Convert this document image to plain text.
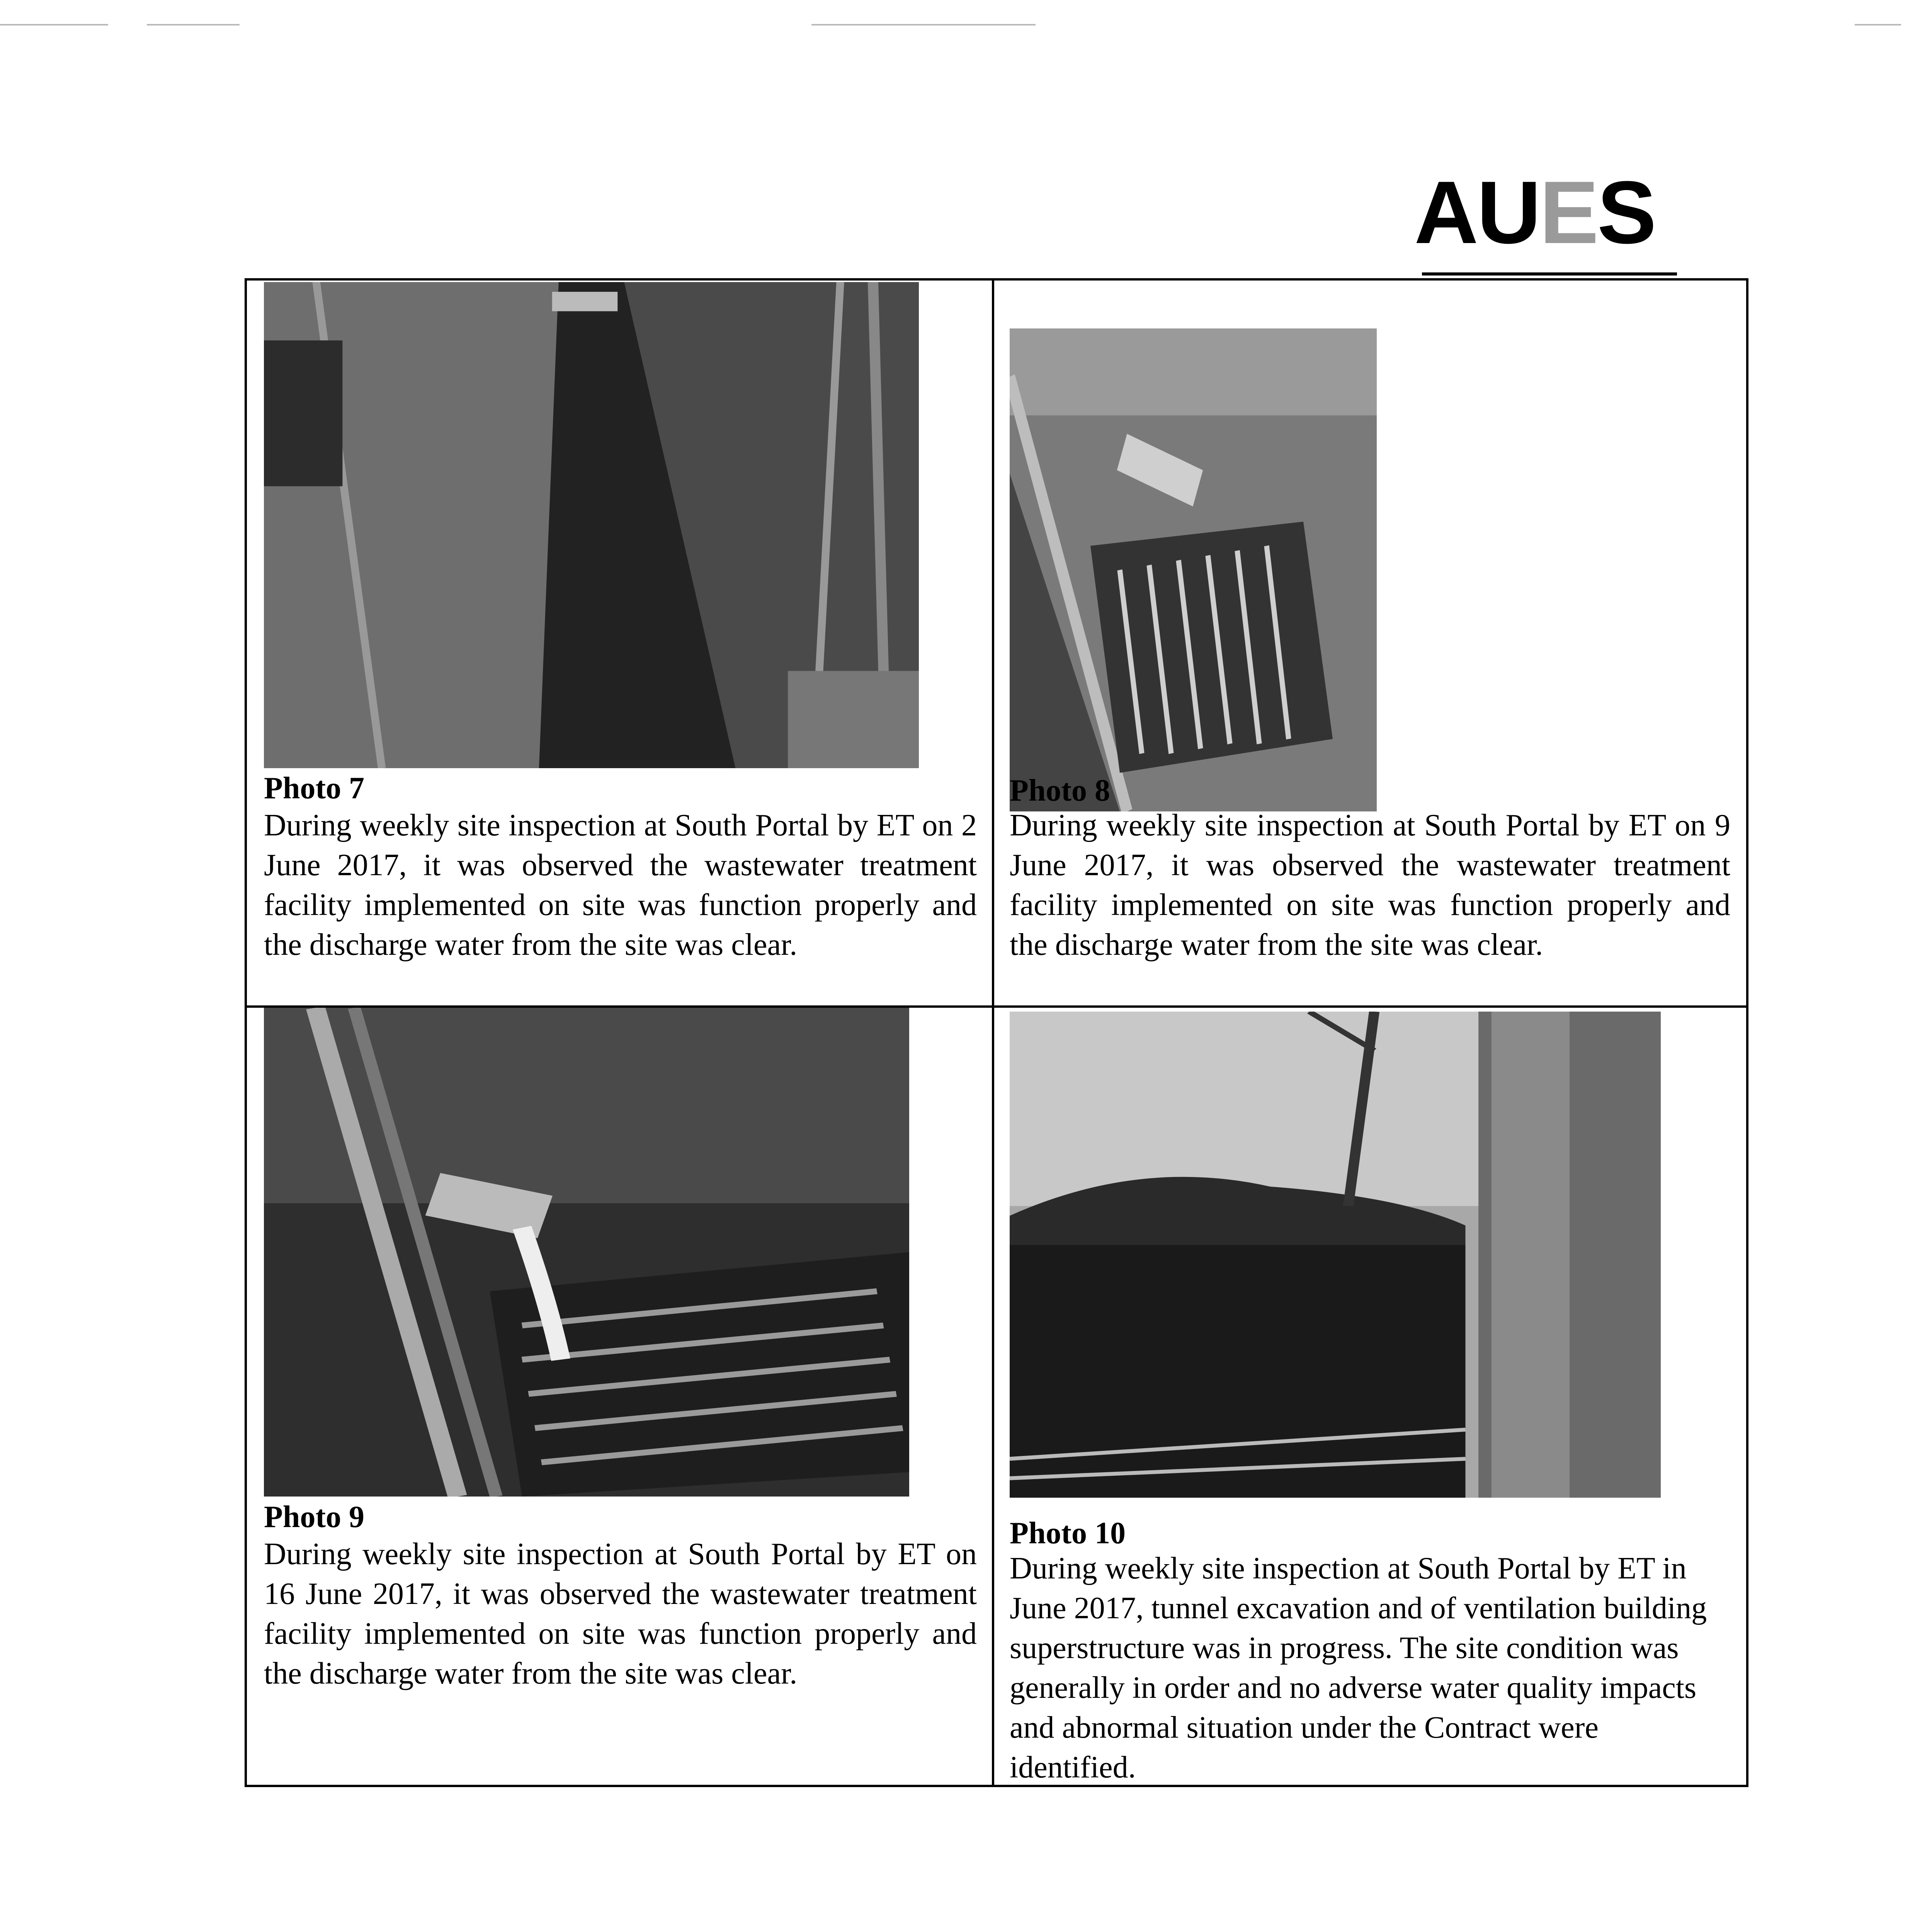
AUES
Photo 7
During weekly site inspection at South Portal by ET on 2 June 2017, it was observed the wastewater treatment facility implemented on site was function properly and the discharge water from the site was clear.
Photo 8
During weekly site inspection at South Portal by ET on 9 June 2017, it was observed the wastewater treatment facility implemented on site was function properly and the discharge water from the site was clear.
Photo 9
During weekly site inspection at South Portal by ET on 16 June 2017, it was observed the wastewater treatment facility implemented on site was function properly and the discharge water from the site was clear.
Photo 10
During weekly site inspection at South Portal by ET in June 2017, tunnel excavation and of ventilation building superstructure was in progress. The site condition was generally in order and no adverse water quality impacts and abnormal situation under the Contract were identified.
